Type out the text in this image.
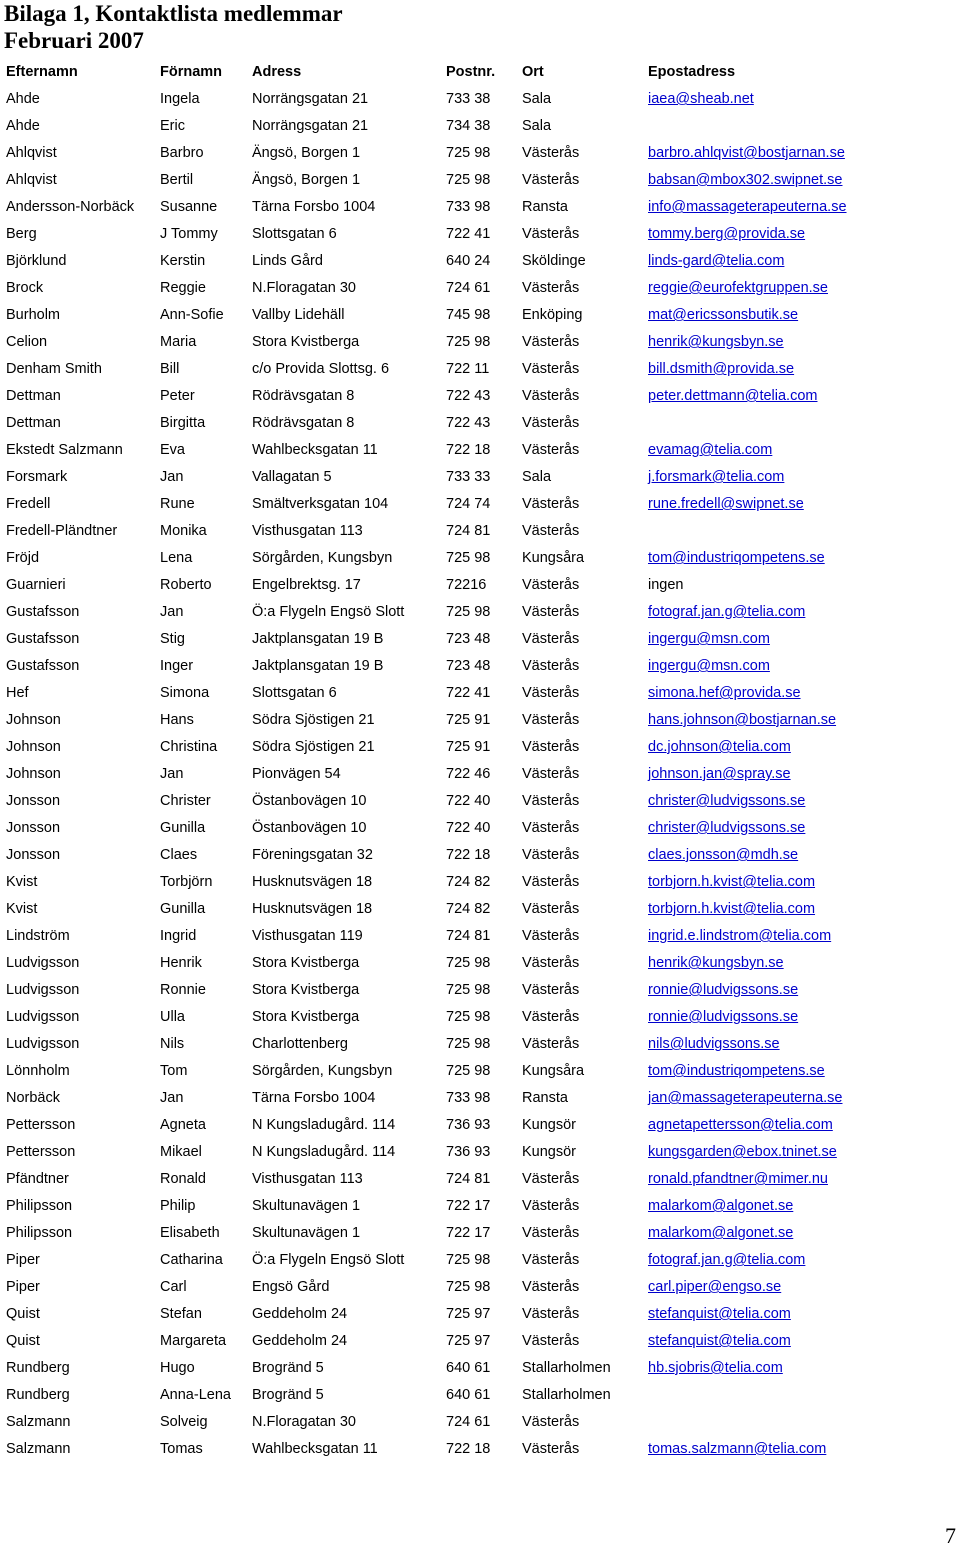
Bilaga 1, Kontaktlista medlemmar
Februari 2007
Efternamn	Förnamn	Adress	Postnr.	Ort	Epostadress
Ahde	Ingela	Norrängsgatan 21	733 38	Sala	iaea@sheab.net
Ahde	Eric	Norrängsgatan 21	734 38	Sala	
Ahlqvist	Barbro	Ängsö, Borgen 1	725 98	Västerås	barbro.ahlqvist@bostjarnan.se
Ahlqvist	Bertil	Ängsö, Borgen 1	725 98	Västerås	babsan@mbox302.swipnet.se
Andersson-Norbäck	Susanne	Tärna Forsbo 1004	733 98	Ransta	info@massageterapeuterna.se
Berg	J Tommy	Slottsgatan 6	722 41	Västerås	tommy.berg@provida.se
Björklund	Kerstin	Linds Gård	640 24	Sköldinge	linds-gard@telia.com
Brock	Reggie	N.Floragatan 30	724 61	Västerås	reggie@eurofektgruppen.se
Burholm	Ann-Sofie	Vallby Lidehäll	745 98	Enköping	mat@ericssonsbutik.se
Celion	Maria	Stora Kvistberga	725 98	Västerås	henrik@kungsbyn.se
Denham Smith	Bill	c/o Provida Slottsg. 6	722 11	Västerås	bill.dsmith@provida.se
Dettman	Peter	Rödrävsgatan 8	722 43	Västerås	peter.dettmann@telia.com
Dettman	Birgitta	Rödrävsgatan 8	722 43	Västerås	
Ekstedt Salzmann	Eva	Wahlbecksgatan 11	722 18	Västerås	evamag@telia.com
Forsmark	Jan	Vallagatan 5	733 33	Sala	j.forsmark@telia.com
Fredell	Rune	Smältverksgatan 104	724 74	Västerås	rune.fredell@swipnet.se
Fredell-Pländtner	Monika	Visthusgatan 113	724 81	Västerås	
Fröjd	Lena	Sörgården, Kungsbyn	725 98	Kungsåra	tom@industriqompetens.se
Guarnieri	Roberto	Engelbrektsg. 17	72216	Västerås	ingen
Gustafsson	Jan	Ö:a Flygeln Engsö Slott	725 98	Västerås	fotograf.jan.g@telia.com
Gustafsson	Stig	Jaktplansgatan 19 B	723 48	Västerås	ingergu@msn.com
Gustafsson	Inger	Jaktplansgatan 19 B	723 48	Västerås	ingergu@msn.com
Hef	Simona	Slottsgatan 6	722 41	Västerås	simona.hef@provida.se
Johnson	Hans	Södra Sjöstigen 21	725 91	Västerås	hans.johnson@bostjarnan.se
Johnson	Christina	Södra Sjöstigen 21	725 91	Västerås	dc.johnson@telia.com
Johnson	Jan	Pionvägen 54	722 46	Västerås	johnson.jan@spray.se
Jonsson	Christer	Östanbovägen 10	722 40	Västerås	christer@ludvigssons.se
Jonsson	Gunilla	Östanbovägen 10	722 40	Västerås	christer@ludvigssons.se
Jonsson	Claes	Föreningsgatan 32	722 18	Västerås	claes.jonsson@mdh.se
Kvist	Torbjörn	Husknutsvägen 18	724 82	Västerås	torbjorn.h.kvist@telia.com
Kvist	Gunilla	Husknutsvägen 18	724 82	Västerås	torbjorn.h.kvist@telia.com
Lindström	Ingrid	Visthusgatan 119	724 81	Västerås	ingrid.e.lindstrom@telia.com
Ludvigsson	Henrik	Stora Kvistberga	725 98	Västerås	henrik@kungsbyn.se
Ludvigsson	Ronnie	Stora Kvistberga	725 98	Västerås	ronnie@ludvigssons.se
Ludvigsson	Ulla	Stora Kvistberga	725 98	Västerås	ronnie@ludvigssons.se
Ludvigsson	Nils	Charlottenberg	725 98	Västerås	nils@ludvigssons.se
Lönnholm	Tom	Sörgården, Kungsbyn	725 98	Kungsåra	tom@industriqompetens.se
Norbäck	Jan	Tärna Forsbo 1004	733 98	Ransta	jan@massageterapeuterna.se
Pettersson	Agneta	N Kungsladugård. 114	736 93	Kungsör	agnetapettersson@telia.com
Pettersson	Mikael	N Kungsladugård. 114	736 93	Kungsör	kungsgarden@ebox.tninet.se
Pfändtner	Ronald	Visthusgatan 113	724 81	Västerås	ronald.pfandtner@mimer.nu
Philipsson	Philip	Skultunavägen 1	722 17	Västerås	malarkom@algonet.se
Philipsson	Elisabeth	Skultunavägen 1	722 17	Västerås	malarkom@algonet.se
Piper	Catharina	Ö:a Flygeln Engsö Slott	725 98	Västerås	fotograf.jan.g@telia.com
Piper	Carl	Engsö Gård	725 98	Västerås	carl.piper@engso.se
Quist	Stefan	Geddeholm 24	725 97	Västerås	stefanquist@telia.com
Quist	Margareta	Geddeholm 24	725 97	Västerås	stefanquist@telia.com
Rundberg	Hugo	Brogränd 5	640 61	Stallarholmen	hb.sjobris@telia.com
Rundberg	Anna-Lena	Brogränd 5	640 61	Stallarholmen	
Salzmann	Solveig	N.Floragatan 30	724 61	Västerås	
Salzmann	Tomas	Wahlbecksgatan 11	722 18	Västerås	tomas.salzmann@telia.com
7
